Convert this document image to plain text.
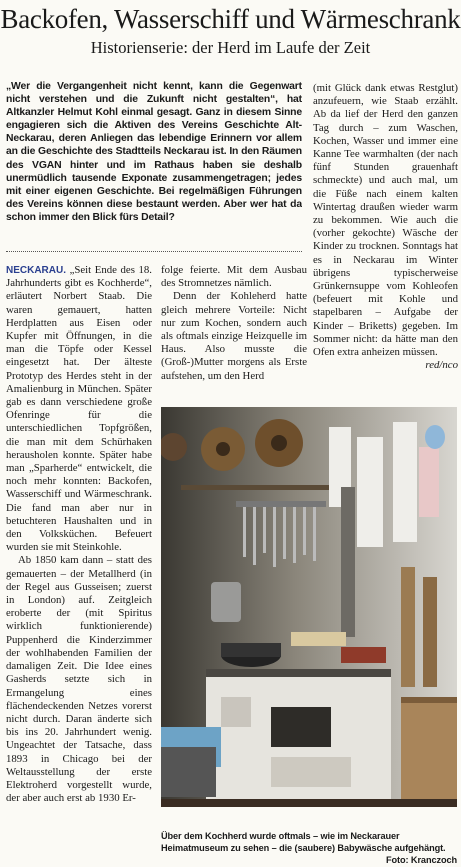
Backofen, Wasserschiff und Wärmeschrank
Historienserie: der Herd im Laufe der Zeit
„Wer die Vergangenheit nicht kennt, kann die Gegenwart nicht verstehen und die Zukunft nicht gestalten“, hat Altkanzler Helmut Kohl einmal gesagt. Ganz in diesem Sinne engagieren sich die Aktiven des Vereins Geschichte Alt-Neckarau, deren Anliegen das lebendige Erinnern vor allem an die Geschichte des Stadtteils Neckarau ist. In den Räumen des VGAN hinter und im Rathaus haben sie deshalb unermüdlich tausende Exponate zusammengetragen; jedes mit einer eigenen Geschichte. Bei regelmäßigen Führungen des Vereins können diese bestaunt werden. Aber wer hat da schon immer den Blick fürs Detail?

NECKARAU. „Seit Ende des 18. Jahrhunderts gibt es Kochherde“, erläutert Norbert Staab. Die waren gemauert, hatten Herdplatten aus Eisen oder Kupfer mit Öffnungen, in die man die Töpfe oder Kessel eingesetzt hat. Der älteste Prototyp des Herdes steht in der Amalienburg in München. Später gab es dann verschiedene große Ofenringe für die unterschiedlichen Topfgrößen, die man mit dem Schürhaken herausholen konnte. Später habe man „Sparherde“ entwickelt, die noch mehr konnten: Backofen, Wasserschiff und Wärmeschrank. Die fand man aber nur in betuchteren Haushalten und in den Volksküchen. Befeuert wurden sie mit Steinkohle.

Ab 1850 kam dann – statt des gemauerten – der Metallherd (in der Regel aus Gusseisen; zuerst in London) auf. Zeitgleich eroberte der (mit Spiritus wirklich funktionierende) Puppenherd die Kinderzimmer der wohlhabenden Familien der damaligen Zeit. Die Idee eines Gasherds setzte sich in Ermangelung eines flächendeckenden Netzes vorerst nicht durch. Daran änderte sich bis ins 20. Jahrhundert wenig. Ungeachtet der Tatsache, dass 1893 in Chicago bei der Weltausstellung der erste Elektroherd vorgestellt wurde, der aber auch erst ab 1930 Er-

folge feierte. Mit dem Ausbau des Stromnetzes nämlich.

Denn der Kohleherd hatte gleich mehrere Vorteile: Nicht nur zum Kochen, sondern auch als oftmals einzige Heizquelle im Haus. Also musste die (Groß-)Mutter morgens als Erste aufstehen, um den Herd

(mit Glück dank etwas Restglut) anzufeuern, wie Staab erzählt. Ab da lief der Herd den ganzen Tag durch – zum Waschen, Kochen, Wasser und immer eine Kanne Tee warmhalten (der nach fünf Stunden grauenhaft schmeckte) und auch mal, um die Füße nach einem kalten Wintertag draußen wieder warm zu bekommen. Wie auch die (vorher gekochte) Wäsche der Kinder zu trocknen. Sonntags hat es in Neckarau im Winter übrigens typischerweise Grünkernsuppe vom Kohleofen (befeuert mit Kohle und stapelbaren – Aufgabe der Kinder – Briketts) gegeben. Im Sommer nicht: da hätte man den Ofen extra anheizen müssen.
red/nco

Über dem Kochherd wurde oftmals – wie im Neckarauer Heimatmuseum zu sehen – die (saubere) Babywäsche aufgehängt.
Foto: Kranczoch
